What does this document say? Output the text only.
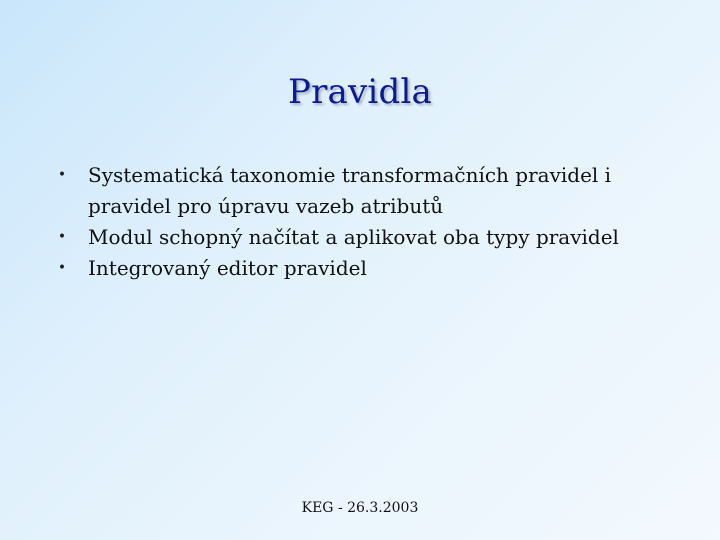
Pravidla
• Systematická taxonomie transformačních pravidel i pravidel pro úpravu vazeb atributů
• Modul schopný načítat a aplikovat oba typy pravidel
• Integrovaný editor pravidel
KEG - 26.3.2003
